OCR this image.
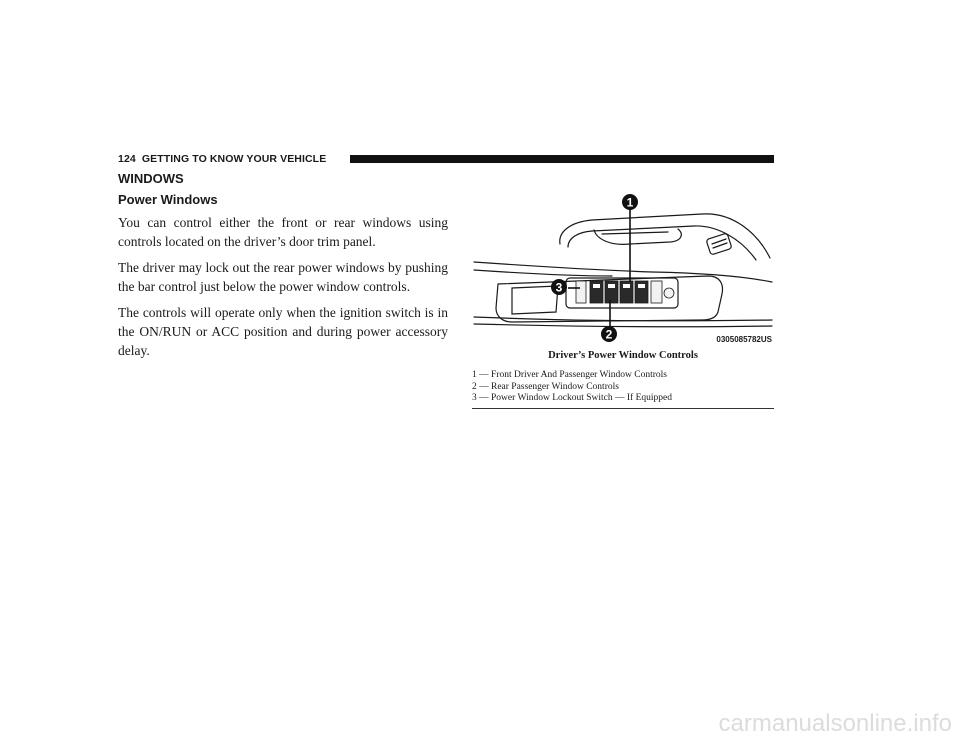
124 GETTING TO KNOW YOUR VEHICLE
WINDOWS
Power Windows

You can control either the front or rear windows using controls located on the driver’s door trim panel.

The driver may lock out the rear power windows by pushing the bar control just below the power window controls.

The controls will operate only when the ignition switch is in the ON/RUN or ACC position and during power accessory delay.

1
2
3
0305085782US
Driver’s Power Window Controls
1 — Front Driver And Passenger Window Controls
2 — Rear Passenger Window Controls
3 — Power Window Lockout Switch — If Equipped
carmanualsonline.info
